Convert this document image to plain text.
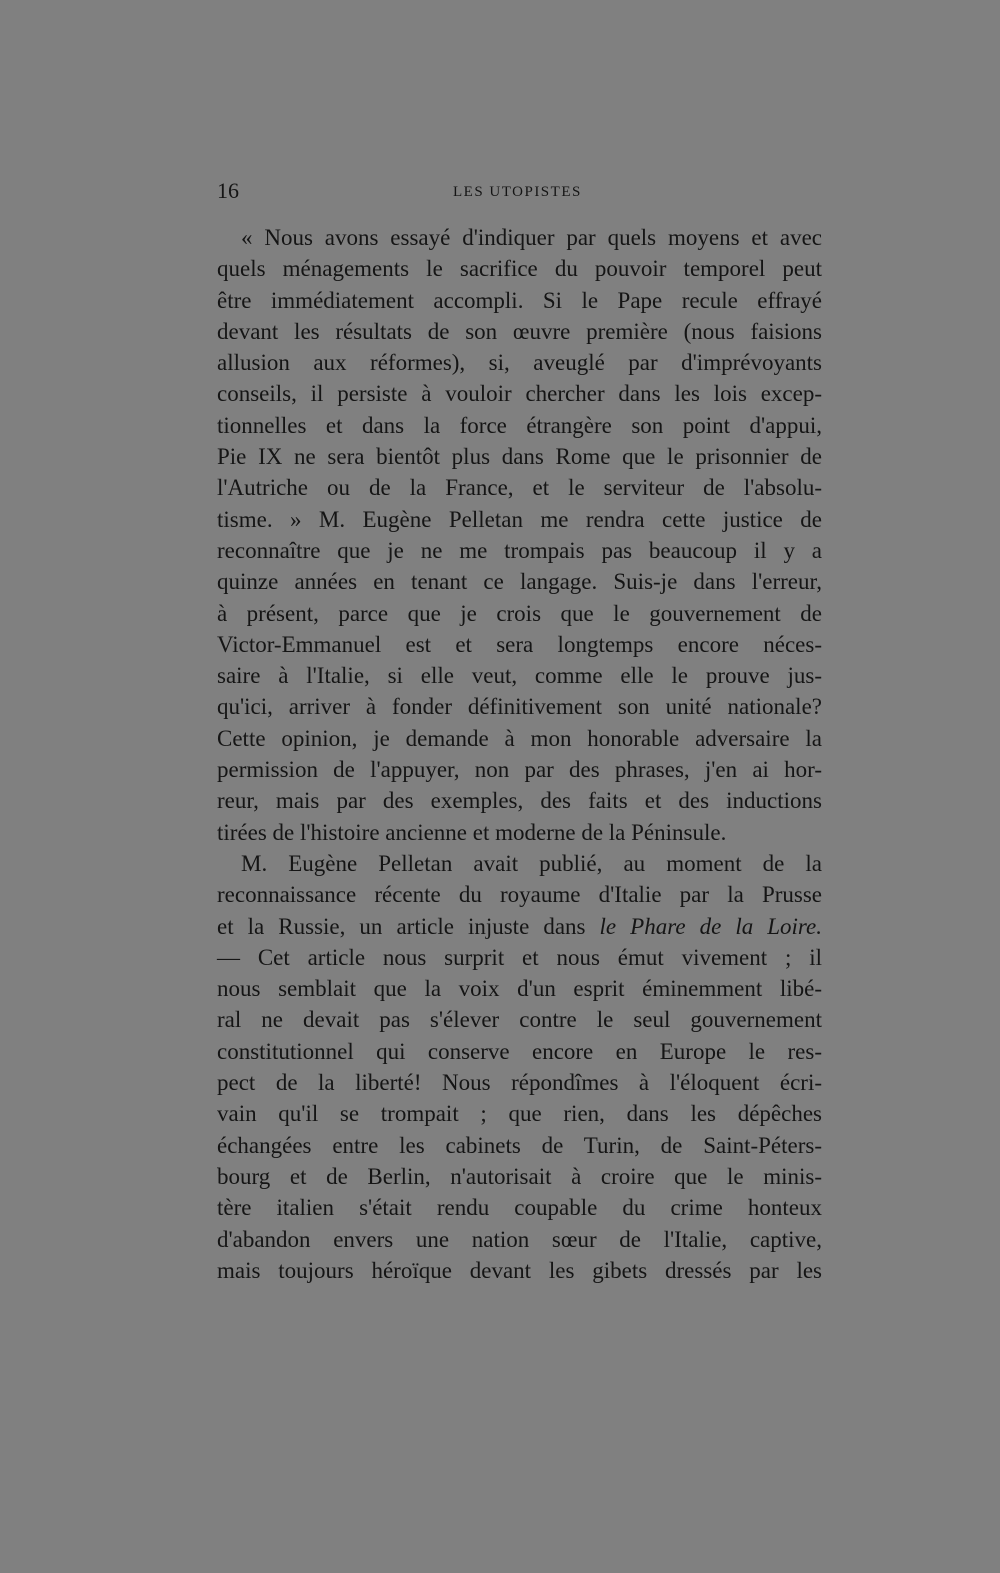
16	LES UTOPISTES
« Nous avons essayé d'indiquer par quels moyens et avec
quels ménagements le sacrifice du pouvoir temporel peut
être immédiatement accompli. Si le Pape recule effrayé
devant les résultats de son œuvre première (nous faisions
allusion aux réformes), si, aveuglé par d'imprévoyants
conseils, il persiste à vouloir chercher dans les lois excep-
tionnelles et dans la force étrangère son point d'appui,
Pie IX ne sera bientôt plus dans Rome que le prisonnier de
l'Autriche ou de la France, et le serviteur de l'absolu-
tisme. » M. Eugène Pelletan me rendra cette justice de
reconnaître que je ne me trompais pas beaucoup il y a
quinze années en tenant ce langage. Suis-je dans l'erreur,
à présent, parce que je crois que le gouvernement de
Victor-Emmanuel est et sera longtemps encore néces-
saire à l'Italie, si elle veut, comme elle le prouve jus-
qu'ici, arriver à fonder définitivement son unité nationale?
Cette opinion, je demande à mon honorable adversaire la
permission de l'appuyer, non par des phrases, j'en ai hor-
reur, mais par des exemples, des faits et des inductions
tirées de l'histoire ancienne et moderne de la Péninsule.
M. Eugène Pelletan avait publié, au moment de la
reconnaissance récente du royaume d'Italie par la Prusse
et la Russie, un article injuste dans le Phare de la Loire.
— Cet article nous surprit et nous émut vivement ; il
nous semblait que la voix d'un esprit éminemment libé-
ral ne devait pas s'élever contre le seul gouvernement
constitutionnel qui conserve encore en Europe le res-
pect de la liberté! Nous répondîmes à l'éloquent écri-
vain qu'il se trompait ; que rien, dans les dépêches
échangées entre les cabinets de Turin, de Saint-Péters-
bourg et de Berlin, n'autorisait à croire que le minis-
tère italien s'était rendu coupable du crime honteux
d'abandon envers une nation sœur de l'Italie, captive,
mais toujours héroïque devant les gibets dressés par les
